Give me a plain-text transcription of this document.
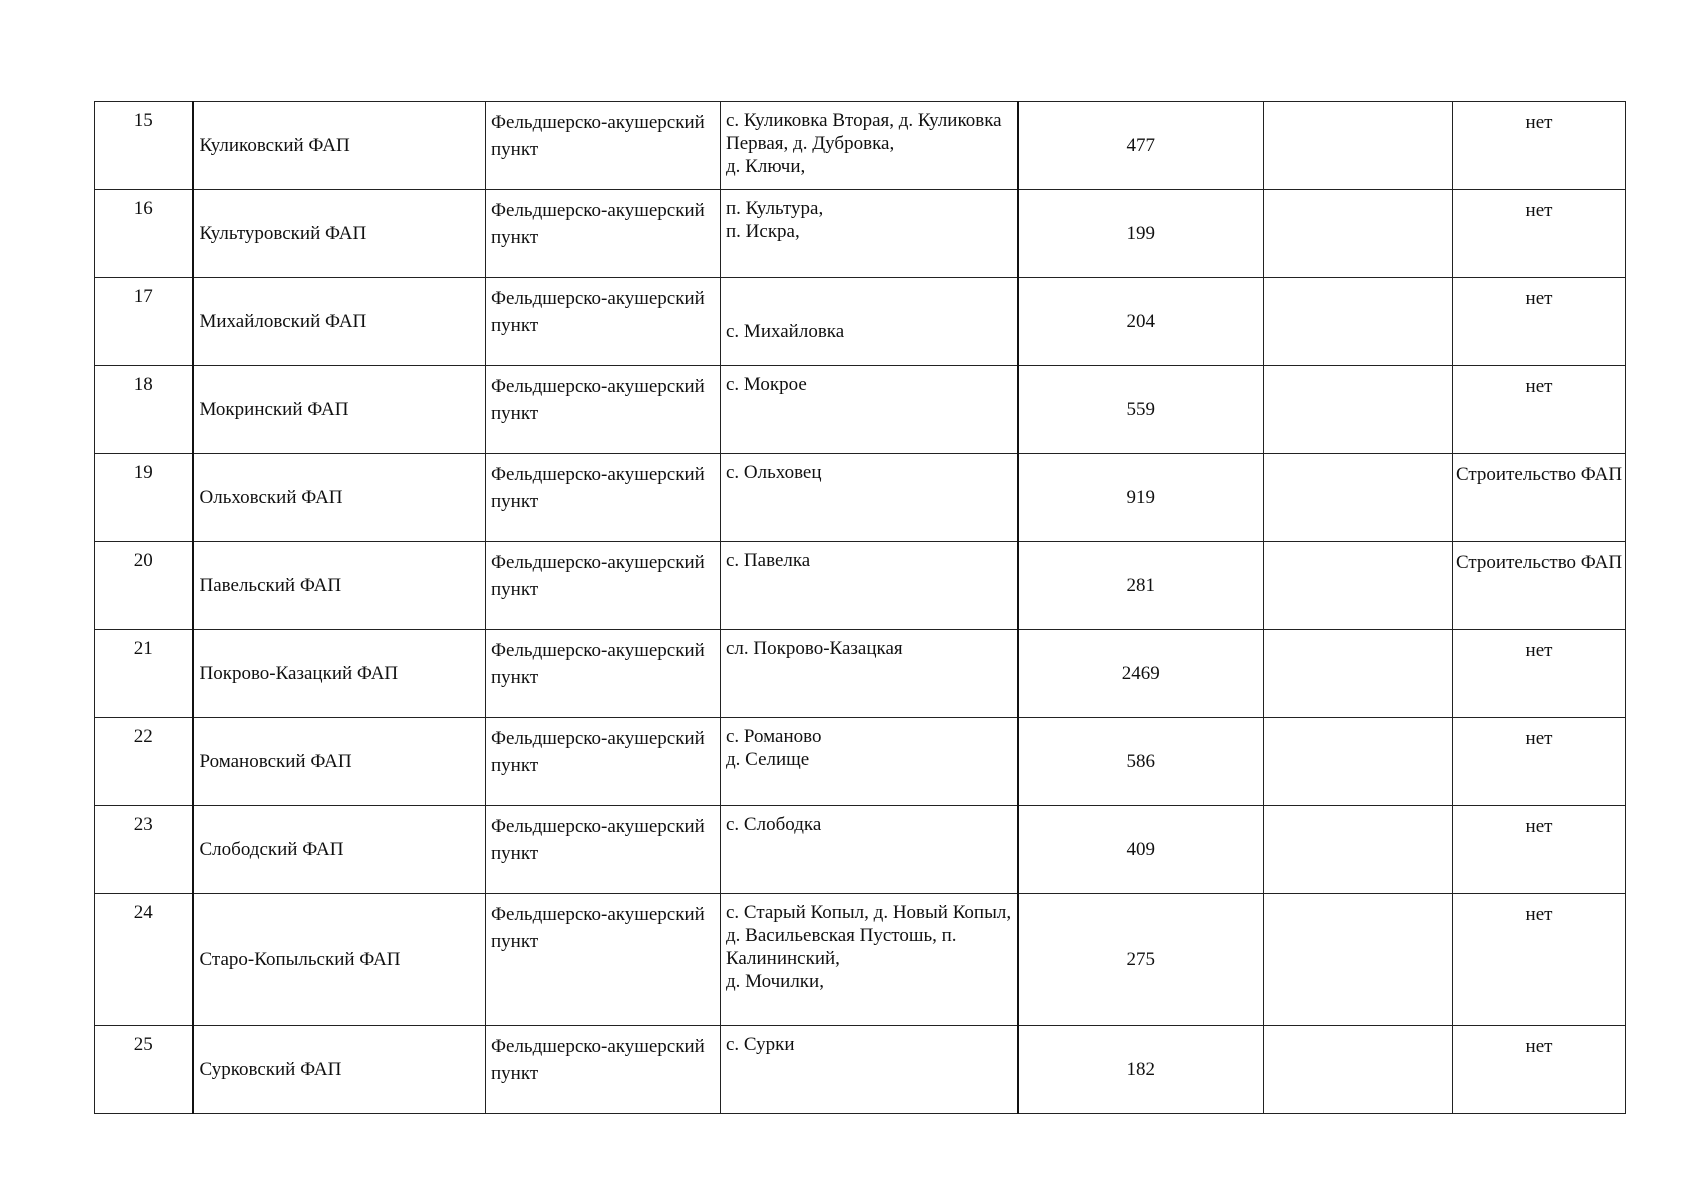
15	Куликовский ФАП	Фельдшерско-акушерский пункт	с. Куликовка Вторая, д. Куликовка Первая, д. Дубровка,
д. Ключи,	477		нет
16	Культуровский ФАП	Фельдшерско-акушерский пункт	п. Культура,
п. Искра,	199		нет
17	Михайловский ФАП	Фельдшерско-акушерский пункт	с. Михайловка	204		нет
18	Мокринский ФАП	Фельдшерско-акушерский пункт	с. Мокрое	559		нет
19	Ольховский ФАП	Фельдшерско-акушерский пункт	с. Ольховец	919		Строительство ФАП
20	Павельский ФАП	Фельдшерско-акушерский пункт	с. Павелка	281		Строительство ФАП
21	Покрово-Казацкий ФАП	Фельдшерско-акушерский пункт	сл. Покрово-Казацкая	2469		нет
22	Романовский ФАП	Фельдшерско-акушерский пункт	с. Романово
д. Селище	586		нет
23	Слободский ФАП	Фельдшерско-акушерский пункт	с. Слободка	409		нет
24	Старо-Копыльский ФАП	Фельдшерско-акушерский пункт	с. Старый Копыл, д. Новый Копыл,
д. Васильевская Пустошь, п. Калининский,
д. Мочилки,	275		нет
25	Сурковский ФАП	Фельдшерско-акушерский пункт	с. Сурки	182		нет
